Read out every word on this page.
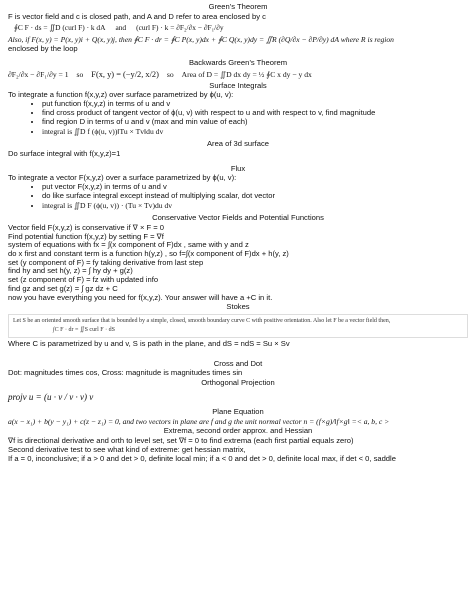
Green’s Theorem
F is vector field and c is closed path, and A and D refer to area enclosed by c
∮C F · ds = ∬D (curl F) · k dA and (curl F) · k = ∂F₂/∂x − ∂F₁/∂y
Also, if F(x, y) = P(x, y)i + Q(x, y)j, then ∮C F · dr = ∮C P(x, y)dx + ∮C Q(x, y)dy = ∬R (∂Q/∂x − ∂P/∂y) dA where R is region
enclosed by the loop
Backwards Green’s Theorem
∂F₂/∂x − ∂F₁/∂y = 1 so F(x, y) = (−y/2, x/2) so Area of D = ∬D dx dy = ½ ∮C x dy − y dx
Surface Integrals
To integrate a function f(x,y,z) over surface parametrized by ϕ(u, v):
• put function f(x,y,z) in terms of u and v
• find cross product of tangent vector of ϕ(u, v) with respect to u and with respect to v, find magnitude
• find region D in terms of u and v (max and min value of each)
• integral is ∬D f (ϕ(u, v))‖Tu × Tv‖du dv
Area of 3d surface
Do surface integral with f(x,y,z)=1
Flux
To integrate a vector F(x,y,z) over a surface parametrized by ϕ(u, v):
• put vector F(x,y,z) in terms of u and v
• do like surface integral except instead of multiplying scalar, dot vector
• integral is ∬D F (ϕ(u, v)) · (Tu × Tv)du dv
Conservative Vector Fields and Potential Functions
Vector field F(x,y,z) is conservative if ∇ × F = 0
Find potential function f(x,y,z) by setting F = ∇f
system of equations with fx = ∫(x component of F)dx , same with y and z
do x first and constant term is a function h(y,z) , so f=∫(x component of F)dx + h(y, z)
set (y component of F) = fy taking derivative from last step
find hy and set h(y, z) = ∫ hy dy + g(z)
set (z component of F) = fz with updated info
find gz and set g(z) = ∫ gz dz + C
now you have everything you need for f(x,y,z). Your answer will have a +C in it.
Stokes
Let S be an oriented smooth surface that is bounded by a simple, closed, smooth boundary curve C with positive orientation. Also let F be a vector field then,
∫C F · dr = ∬S curl F · dS
Where C is parametrized by u and v, S is path in the plane, and dS = ndS = Su × Sv
Cross and Dot
Dot: magnitudes times cos, Cross: magnitude is magnitudes times sin
Orthogonal Projection
projv u = (u · v / v · v) v
Plane Equation
a(x − x₁) + b(y − y₁) + c(z − z₁) = 0, and two vectors in plane are f and g the unit normal vector n = (f×g)/‖f×g‖ =< a, b, c >
Extrema, second order approx. and Hessian
∇f is directional derivative and orth to level set, set ∇f = 0 to find extrema (each first partial equals zero)
Second derivative test to see what kind of extreme: get hessian matrix,
If a = 0, inconclusive; if a > 0 and det > 0, definite local min; if a < 0 and det > 0, definite local max, if det < 0, saddle
